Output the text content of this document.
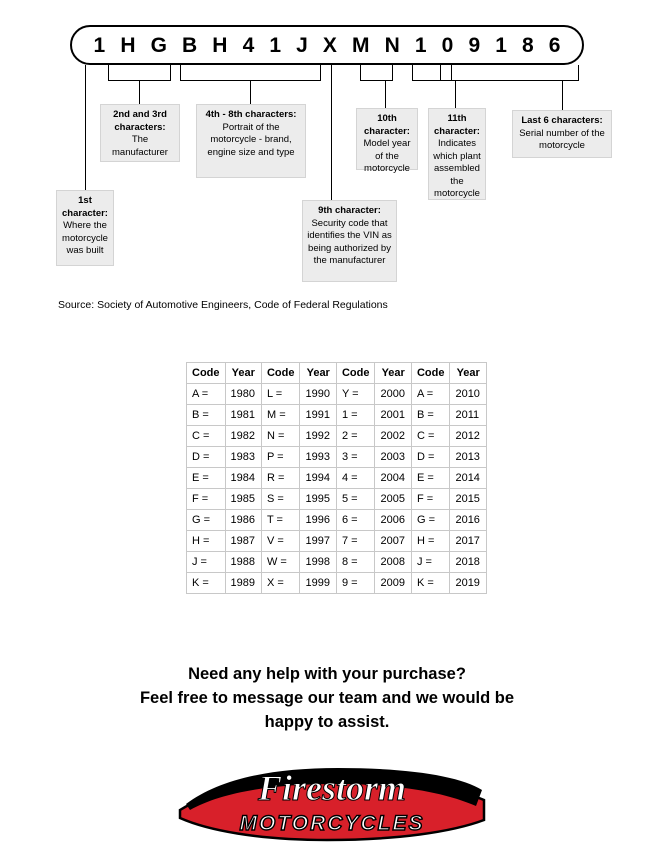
1 H G B H 4 1 J X M N 1 0 9 1 8 6
1st character:
Where the motorcycle was built
2nd and 3rd characters:
The manufacturer
4th - 8th characters:
Portrait of the motorcycle - brand, engine size and type
9th character:
Security code that identifies the VIN as being authorized by the manufacturer
10th character:
Model year of the motorcycle
11th character:
Indicates which plant assembled the motorcycle
Last 6 characters:
Serial number of the motorcycle
Source: Society of Automotive Engineers, Code of Federal Regulations
Code	Year	Code	Year	Code	Year	Code	Year
A =	1980	L =	1990	Y =	2000	A =	2010
B =	1981	M =	1991	1 =	2001	B =	2011
C =	1982	N =	1992	2 =	2002	C =	2012
D =	1983	P =	1993	3 =	2003	D =	2013
E =	1984	R =	1994	4 =	2004	E =	2014
F =	1985	S =	1995	5 =	2005	F =	2015
G =	1986	T =	1996	6 =	2006	G =	2016
H =	1987	V =	1997	7 =	2007	H =	2017
J =	1988	W =	1998	8 =	2008	J =	2018
K =	1989	X =	1999	9 =	2009	K =	2019
Need any help with your purchase?
Feel free to message our team and we would be
happy to assist.
Firestorm
MOTORCYCLES
